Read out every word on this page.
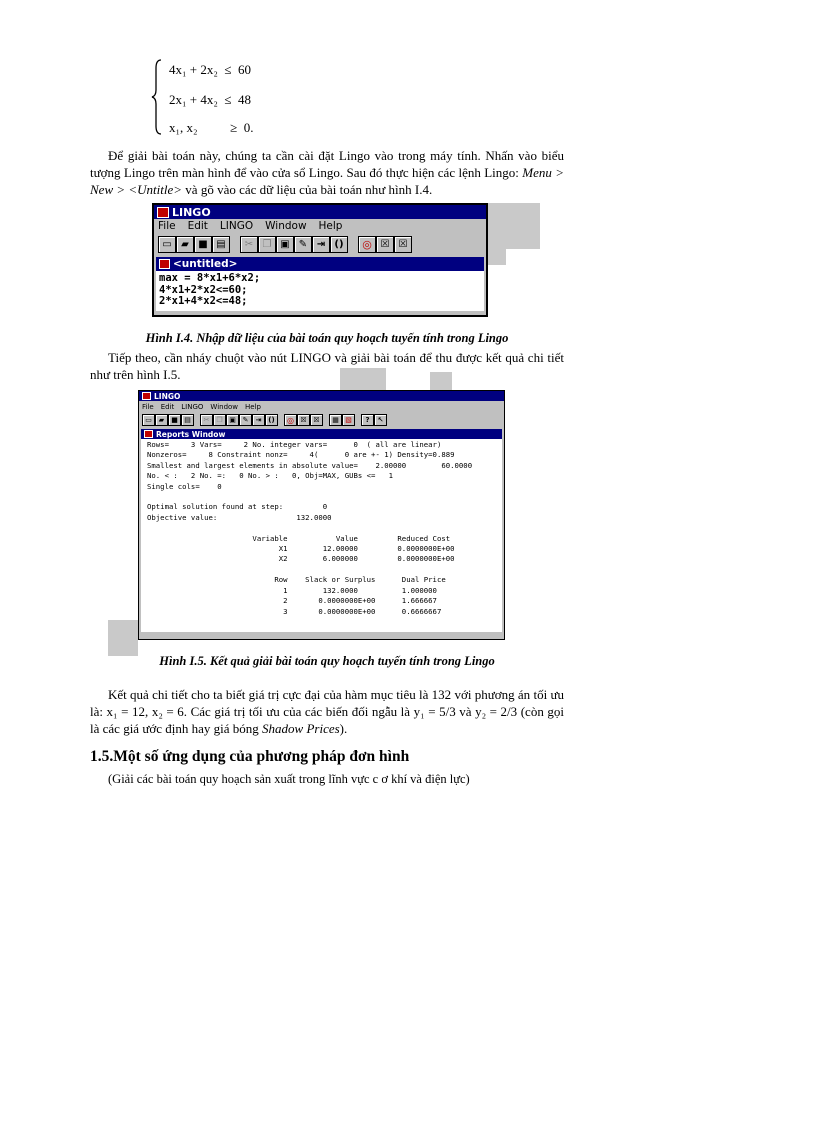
4x₁ + 2x₂  ≤  60
2x₁ + 4x₂  ≤  48
x₁, x₂          ≥  0.
Để giải bài toán này, chúng ta cần cài đặt Lingo vào trong máy tính. Nhấn vào biểu tượng Lingo trên màn hình để vào cửa sổ Lingo. Sau đó thực hiện các lệnh Lingo: Menu > New > <Untitle> và gõ vào các dữ liệu của bài toán như hình I.4.
LINGO
File Edit LINGO Window Help
▭ ▰ ■ ▤	✂ ❐ ▣ ✎ ⇥ ()	◎ ☒ ☒
<untitled>
max = 8*x1+6*x2;
4*x1+2*x2<=60;
2*x1+4*x2<=48;
Hình I.4. Nhập dữ liệu của bài toán quy hoạch tuyến tính trong Lingo
Tiếp theo, cần nháy chuột vào nút LINGO và giải bài toán để thu được kết quả chi tiết như trên hình I.5.
LINGO
File Edit LINGO Window Help
▭ ▰	■ ▤	✂ ❐ ▣ ✎	⇥ ()	◎ ☒ ☒	▦ ▧	?	↖
Reports Window
Rows=     3 Vars=     2 No. integer vars=      0  ( all are linear)
Nonzeros=     8 Constraint nonz=     4(      0 are +- 1) Density=0.889
Smallest and largest elements in absolute value=    2.00000        60.0000
No. < :   2 No. =:   0 No. > :   0, Obj=MAX, GUBs <=   1
Single cols=    0

Optimal solution found at step:         0
Objective value:                  132.0000

Variable           Value         Reduced Cost
X1        12.00000         0.0000000E+00
X2        6.000000         0.0000000E+00

Row    Slack or Surplus      Dual Price
1        132.0000          1.000000
2       0.0000000E+00      1.666667
3       0.0000000E+00      0.6666667
Hình I.5. Kết quả giải bài toán quy hoạch tuyến tính trong Lingo
Kết quả chi tiết cho ta biết giá trị cực đại của hàm mục tiêu là 132 với phương án tối ưu là: x₁ = 12, x₂ = 6. Các giá trị tối ưu của các biến đối ngẫu là y₁ = 5/3 và y₂ = 2/3 (còn gọi là các giá ước định hay giá bóng Shadow Prices).
1.5.Một số ứng dụng của phương pháp đơn hình
(Giải các bài toán quy hoạch sản xuất trong lĩnh vực c ơ khí và điện lực)
